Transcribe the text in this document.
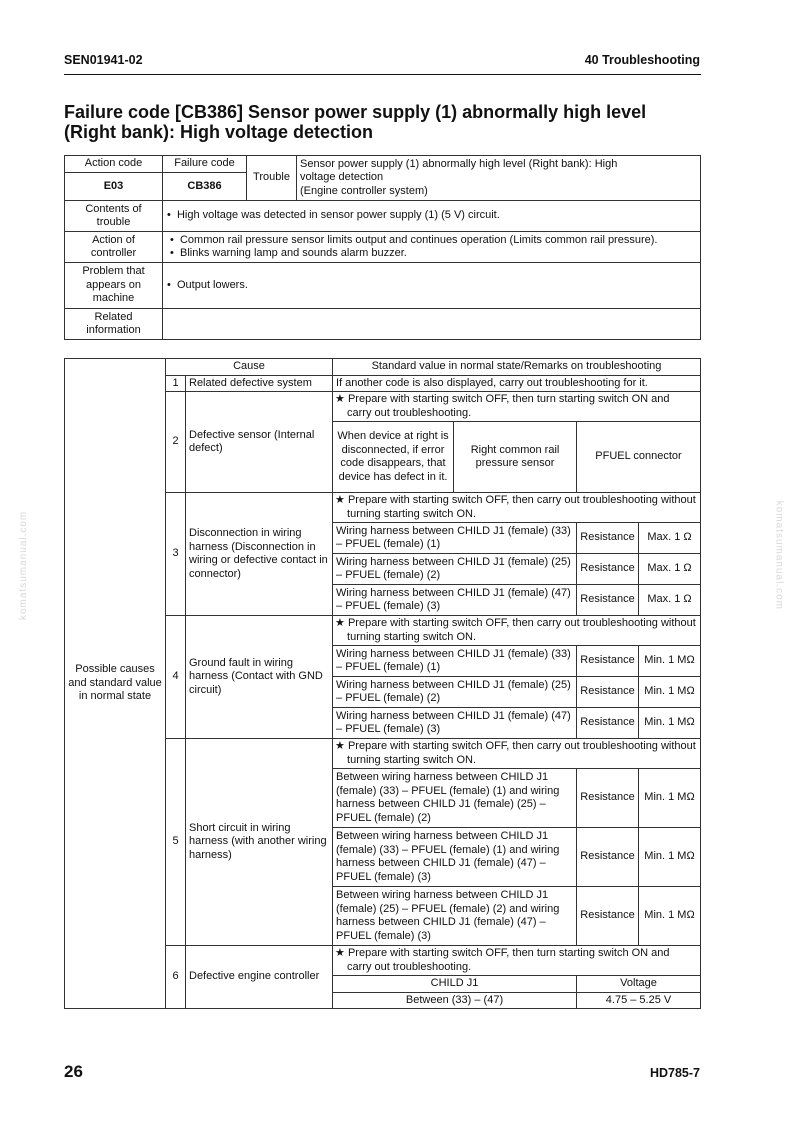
SEN01941-02	40 Troubleshooting
Failure code [CB386] Sensor power supply (1) abnormally high level
(Right bank): High voltage detection
komatsumanual.com	komatsumanual.com
Action code	Failure code	Trouble	Sensor power supply (1) abnormally high level (Right bank): High
voltage detection
(Engine controller system)

E03	CB386		
Contents of trouble	• High voltage was detected in sensor power supply (1) (5 V) circuit.		
Action of controller	• Common rail pressure sensor limits output and continues operation (Limits common rail pressure).
• Blinks warning lamp and sounds alarm buzzer.		

Problem that appears on machine	• Output lowers.		
Related information			
Possible causes and standard value in normal state	Cause		Standard value in normal state/Remarks on troubleshooting			
	1	Related defective system	If another code is also displayed, carry out troubleshooting for it.			
	2	Defective sensor (Internal defect)	★ Prepare with starting switch OFF, then turn starting switch ON and carry out troubleshooting.			
			When device at right is disconnected, if error code disappears, that device has defect in it.	Right common rail pressure sensor	PFUEL connector	
	3	Disconnection in wiring harness (Disconnection in wiring or defective contact in connector)	★ Prepare with starting switch OFF, then carry out troubleshooting without turning starting switch ON.			
			Wiring harness between CHILD J1 (female) (33) – PFUEL (female) (1)		Resistance	Max. 1 Ω
			Wiring harness between CHILD J1 (female) (25) – PFUEL (female) (2)		Resistance	Max. 1 Ω
			Wiring harness between CHILD J1 (female) (47) – PFUEL (female) (3)		Resistance	Max. 1 Ω
	4	Ground fault in wiring harness (Contact with GND circuit)	★ Prepare with starting switch OFF, then carry out troubleshooting without turning starting switch ON.			
			Wiring harness between CHILD J1 (female) (33) – PFUEL (female) (1)		Resistance	Min. 1 MΩ
			Wiring harness between CHILD J1 (female) (25) – PFUEL (female) (2)		Resistance	Min. 1 MΩ
			Wiring harness between CHILD J1 (female) (47) – PFUEL (female) (3)		Resistance	Min. 1 MΩ
	5	Short circuit in wiring harness (with another wiring harness)	★ Prepare with starting switch OFF, then carry out troubleshooting without turning starting switch ON.			
			Between wiring harness between CHILD J1 (female) (33) – PFUEL (female) (1) and wiring harness between CHILD J1 (female) (25) – PFUEL (female) (2)		Resistance	Min. 1 MΩ
			Between wiring harness between CHILD J1 (female) (33) – PFUEL (female) (1) and wiring harness between CHILD J1 (female) (47) – PFUEL (female) (3)		Resistance	Min. 1 MΩ
			Between wiring harness between CHILD J1 (female) (25) – PFUEL (female) (2) and wiring harness between CHILD J1 (female) (47) – PFUEL (female) (3)		Resistance	Min. 1 MΩ
	6	Defective engine controller	★ Prepare with starting switch OFF, then turn starting switch ON and carry out troubleshooting.			
			CHILD J1		Voltage	
			Between (33) – (47)		4.75 – 5.25 V	
26	HD785-7
